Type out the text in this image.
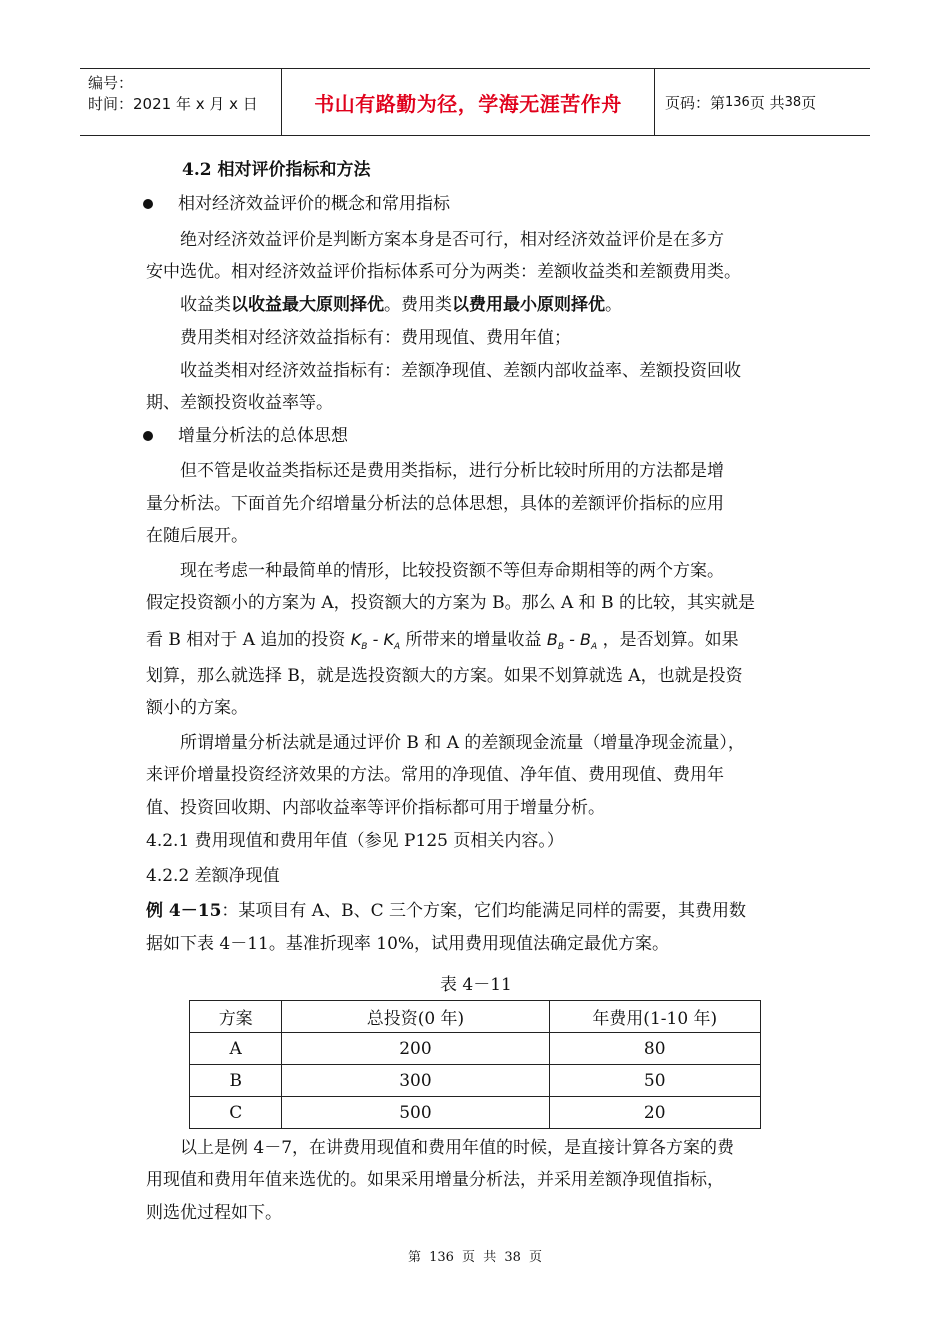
编号：
时间：2021 年 x 月 x 日	书山有路勤为径，学海无涯苦作舟	页码：第 136 页 共 38 页
4.2 相对评价指标和方法
相对经济效益评价的概念和常用指标
绝对经济效益评价是判断方案本身是否可行，相对经济效益评价是在多方
安中选优。相对经济效益评价指标体系可分为两类：差额收益类和差额费用类。
收益类以收益最大原则择优。费用类以费用最小原则择优。
费用类相对经济效益指标有：费用现值、费用年值；
收益类相对经济效益指标有：差额净现值、差额内部收益率、差额投资回收
期、差额投资收益率等。
增量分析法的总体思想
但不管是收益类指标还是费用类指标，进行分析比较时所用的方法都是增
量分析法。下面首先介绍增量分析法的总体思想，具体的差额评价指标的应用
在随后展开。
现在考虑一种最简单的情形，比较投资额不等但寿命期相等的两个方案。
假定投资额小的方案为 A，投资额大的方案为 B。那么 A 和 B 的比较，其实就是
看 B 相对于 A 追加的投资 $K_B - K_A$ 所带来的增量收益 $B_B - B_A$ ，是否划算。如果
划算，那么就选择 B，就是选投资额大的方案。如果不划算就选 A，也就是投资
额小的方案。
所谓增量分析法就是通过评价 B 和 A 的差额现金流量（增量净现金流量），
来评价增量投资经济效果的方法。常用的净现值、净年值、费用现值、费用年
值、投资回收期、内部收益率等评价指标都可用于增量分析。
4.2.1 费用现值和费用年值（参见 P125 页相关内容。）
4.2.2 差额净现值
例 4－15：某项目有 A、B、C 三个方案，它们均能满足同样的需要，其费用数
据如下表 4－11。基准折现率 10%，试用费用现值法确定最优方案。
以上是例 4－7，在讲费用现值和费用年值的时候，是直接计算各方案的费
用现值和费用年值来选优的。如果采用增量分析法，并采用差额净现值指标，
则选优过程如下。
表 4－11
方案	总投资(0 年)	年费用(1-10 年)
A	200	80
B	300	50
C	500	20
第 136 页 共 38 页
